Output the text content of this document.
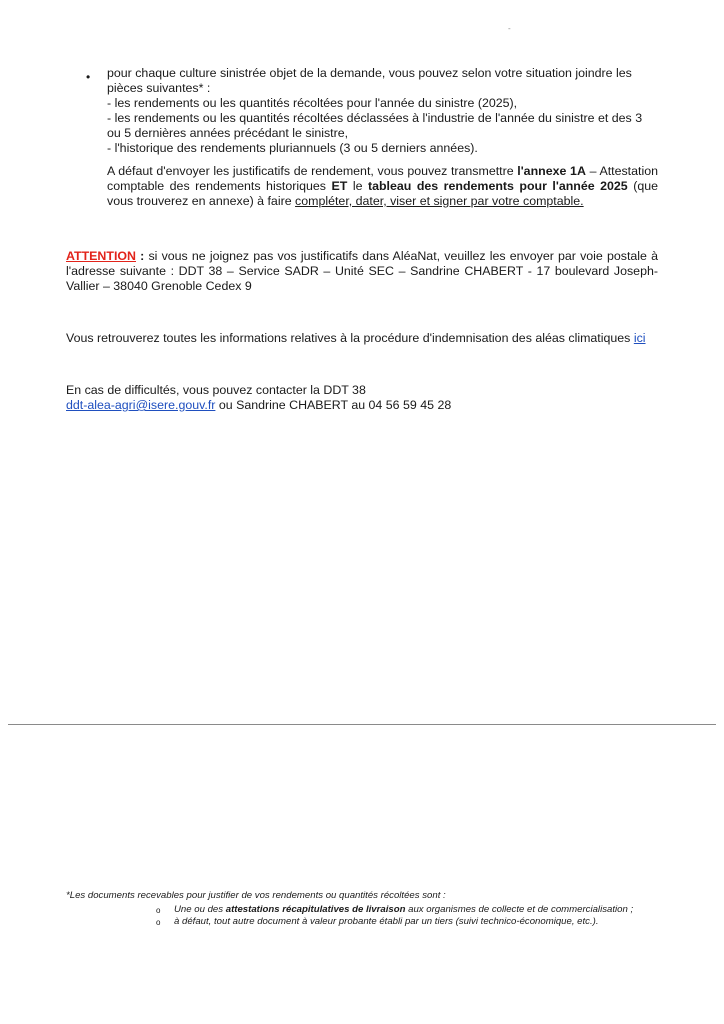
-
• pour chaque culture sinistrée objet de la demande, vous pouvez selon votre situation joindre les pièces suivantes* :
- les rendements ou les quantités récoltées pour l'année du sinistre (2025),
- les rendements ou les quantités récoltées déclassées à l'industrie de l'année du sinistre et des 3 ou 5 dernières années précédant le sinistre,
- l'historique des rendements pluriannuels (3 ou 5 derniers années).
A défaut d'envoyer les justificatifs de rendement, vous pouvez transmettre l'annexe 1A – Attestation comptable des rendements historiques ET le tableau des rendements pour l'année 2025 (que vous trouverez en annexe) à faire compléter, dater, viser et signer par votre comptable.
ATTENTION : si vous ne joignez pas vos justificatifs dans AléaNat, veuillez les envoyer par voie postale à l'adresse suivante : DDT 38 – Service SADR – Unité SEC – Sandrine CHABERT - 17 boulevard Joseph-Vallier – 38040 Grenoble Cedex 9
Vous retrouverez toutes les informations relatives à la procédure d'indemnisation des aléas climatiques ici
En cas de difficultés, vous pouvez contacter la DDT 38
ddt-alea-agri@isere.gouv.fr ou Sandrine CHABERT au 04 56 59 45 28
*Les documents recevables pour justifier de vos rendements ou quantités récoltées sont :
o Une ou des attestations récapitulatives de livraison aux organismes de collecte et de commercialisation ;
o à défaut, tout autre document à valeur probante établi par un tiers (suivi technico-économique, etc.).
